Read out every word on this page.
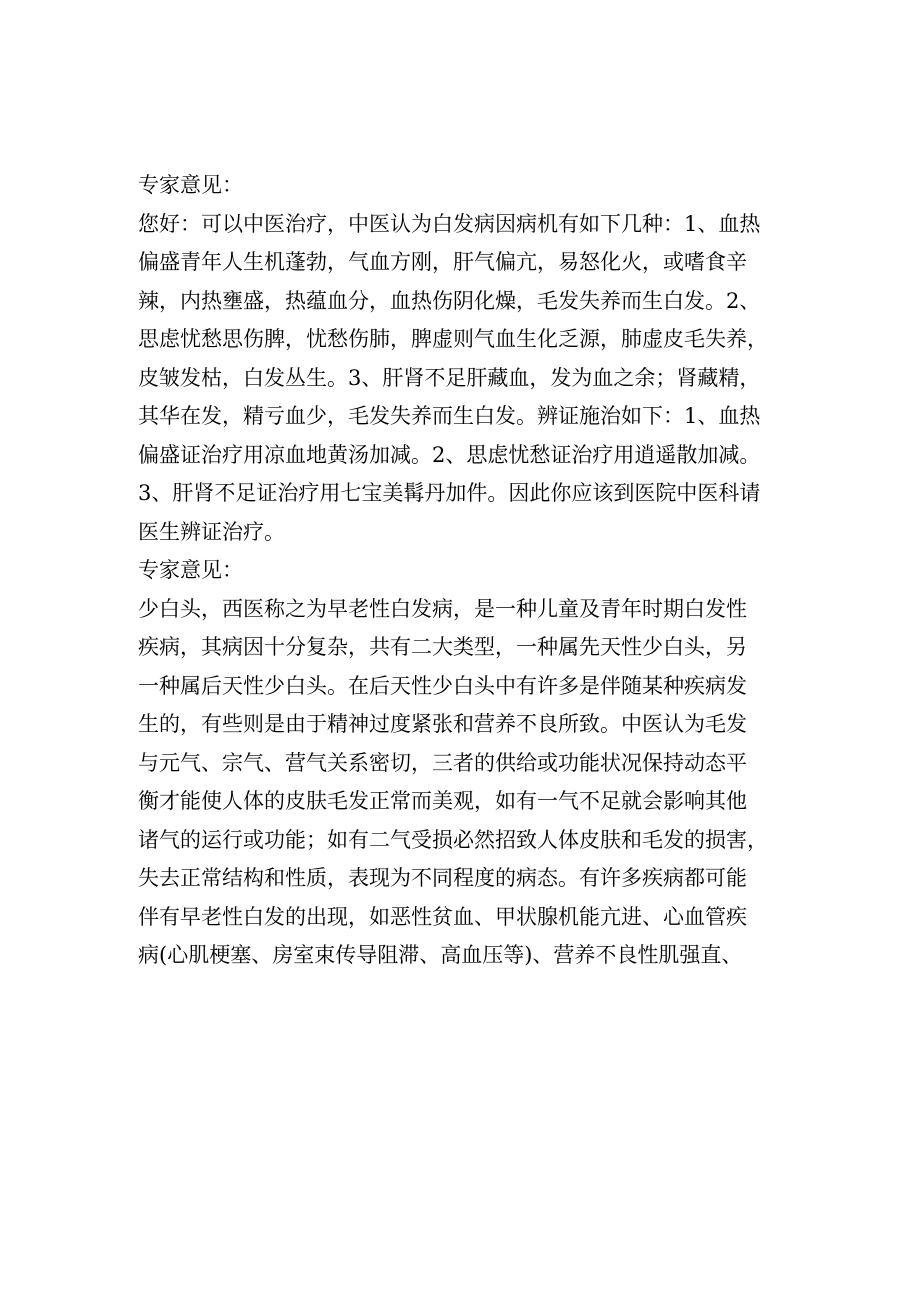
专家意见：
您好：可以中医治疗，中医认为白发病因病机有如下几种：1、血热
偏盛青年人生机蓬勃，气血方刚，肝气偏亢，易怒化火，或嗜食辛
辣，内热壅盛，热蕴血分，血热伤阴化燥，毛发失养而生白发。2、
思虑忧愁思伤脾，忧愁伤肺，脾虚则气血生化乏源，肺虚皮毛失养，
皮皱发枯，白发丛生。3、肝肾不足肝藏血，发为血之余；肾藏精，
其华在发，精亏血少，毛发失养而生白发。辨证施治如下：1、血热
偏盛证治疗用凉血地黄汤加减。2、思虑忧愁证治疗用逍遥散加减。
3、肝肾不足证治疗用七宝美髯丹加件。因此你应该到医院中医科请
医生辨证治疗。
专家意见：
少白头，西医称之为早老性白发病，是一种儿童及青年时期白发性
疾病，其病因十分复杂，共有二大类型，一种属先天性少白头，另
一种属后天性少白头。在后天性少白头中有许多是伴随某种疾病发
生的，有些则是由于精神过度紧张和营养不良所致。中医认为毛发
与元气、宗气、营气关系密切，三者的供给或功能状况保持动态平
衡才能使人体的皮肤毛发正常而美观，如有一气不足就会影响其他
诸气的运行或功能；如有二气受损必然招致人体皮肤和毛发的损害，
失去正常结构和性质，表现为不同程度的病态。有许多疾病都可能
伴有早老性白发的出现，如恶性贫血、甲状腺机能亢进、心血管疾
病(心肌梗塞、房室束传导阻滞、高血压等)、营养不良性肌强直、
